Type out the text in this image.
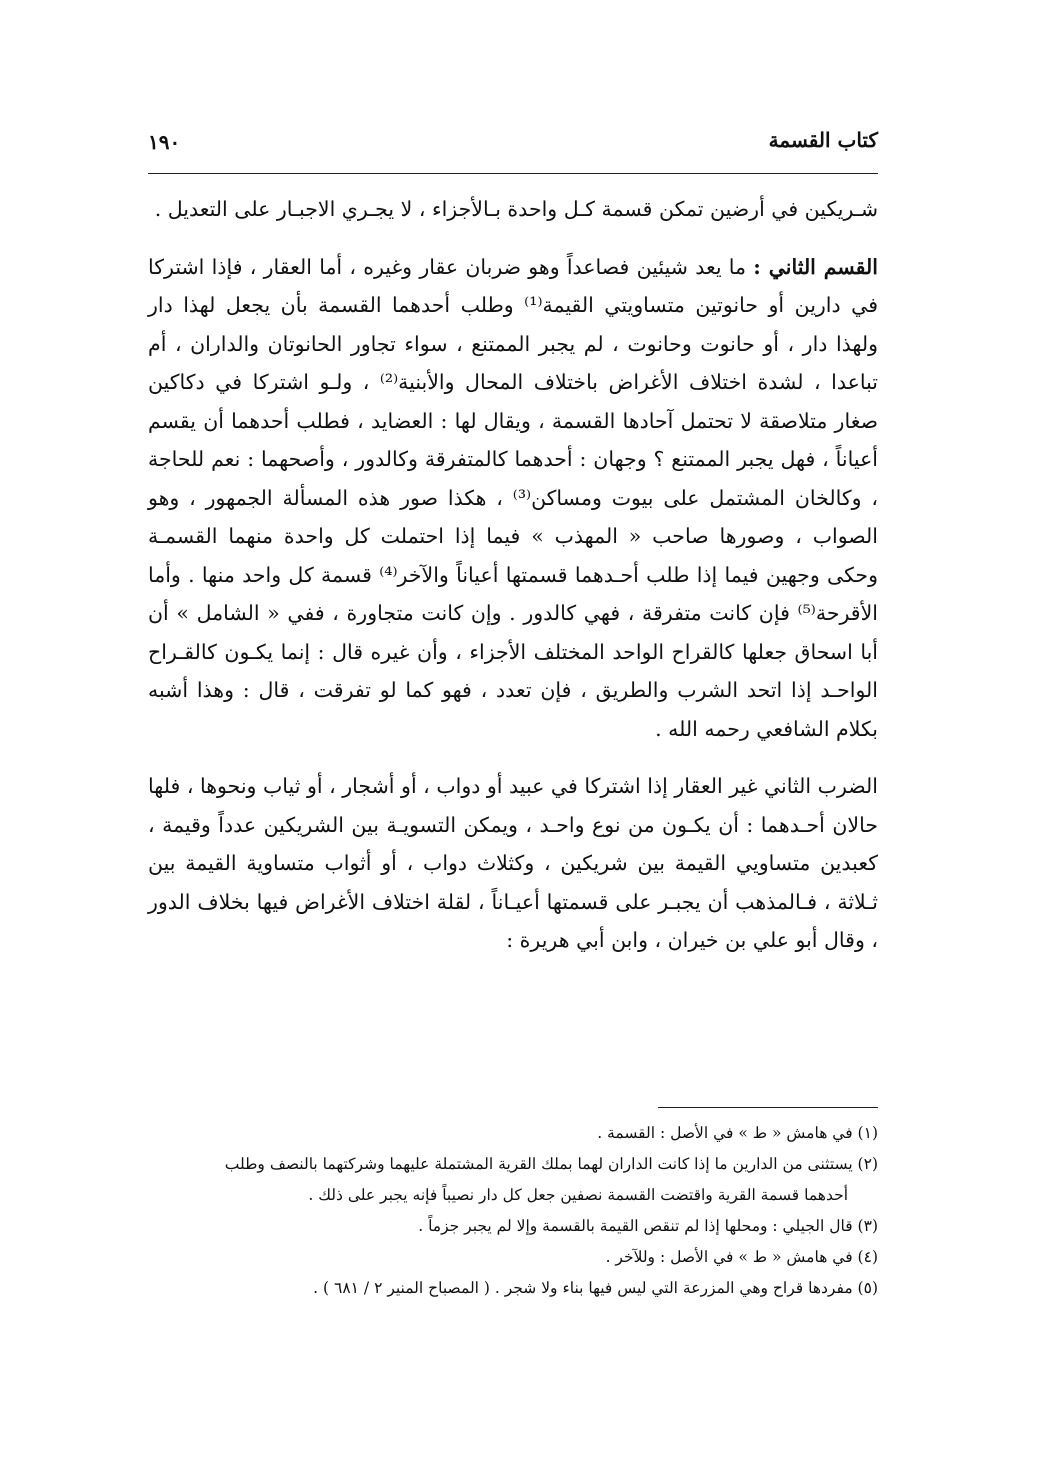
كتاب القسمة
١٩٠

شـريكين في أرضين تمكن قسمة كـل واحدة بـالأجزاء ، لا يجـري الاجبـار على التعديل .

القسم الثاني : ما يعد شيئين فصاعداً وهو ضربان عقار وغيره ، أما العقار ، فإذا اشتركا في دارين أو حانوتين متساويتي القيمة⁽¹⁾ وطلب أحدهما القسمة بأن يجعل لهذا دار ولهذا دار ، أو حانوت وحانوت ، لم يجبر الممتنع ، سواء تجاور الحانوتان والداران ، أم تباعدا ، لشدة اختلاف الأغراض باختلاف المحال والأبنية⁽²⁾ ، ولـو اشتركا في دكاكين صغار متلاصقة لا تحتمل آحادها القسمة ، ويقال لها : العضايد ، فطلب أحدهما أن يقسم أعياناً ، فهل يجبر الممتنع ؟ وجهان : أحدهما كالمتفرقة وكالدور ، وأصحهما : نعم للحاجة ، وكالخان المشتمل على بيوت ومساكن⁽³⁾ ، هكذا صور هذه المسألة الجمهور ، وهو الصواب ، وصورها صاحب « المهذب » فيما إذا احتملت كل واحدة منهما القسمـة وحكى وجهين فيما إذا طلب أحـدهما قسمتها أعياناً والآخر⁽⁴⁾ قسمة كل واحد منها . وأما الأقرحة⁽⁵⁾ فإن كانت متفرقة ، فهي كالدور . وإن كانت متجاورة ، ففي « الشامل » أن أبا اسحاق جعلها كالقراح الواحد المختلف الأجزاء ، وأن غيره قال : إنما يكـون كالقـراح الواحـد إذا اتحد الشرب والطريق ، فإن تعدد ، فهو كما لو تفرقت ، قال : وهذا أشبه بكلام الشافعي رحمه الله .

الضرب الثاني غير العقار إذا اشتركا في عبيد أو دواب ، أو أشجار ، أو ثياب ونحوها ، فلها حالان أحـدهما : أن يكـون من نوع واحـد ، ويمكن التسويـة بين الشريكين عدداً وقيمة ، كعبدين متساويي القيمة بين شريكين ، وكثلاث دواب ، أو أثواب متساوية القيمة بين ثـلاثة ، فـالمذهب أن يجبـر على قسمتها أعيـاناً ، لقلة اختلاف الأغراض فيها بخلاف الدور ، وقال أبو علي بن خيران ، وابن أبي هريرة :

(١) في هامش « ط » في الأصل : القسمة .

(٢) يستثنى من الدارين ما إذا كانت الداران لهما بملك القرية المشتملة عليهما وشركتهما بالنصف وطلب

أحدهما قسمة القرية واقتضت القسمة نصفين جعل كل دار نصيباً فإنه يجبر على ذلك .

(٣) قال الجيلي : ومحلها إذا لم تنقص القيمة بالقسمة وإلا لم يجبر جزماً .

(٤) في هامش « ط » في الأصل : وللآخر .

(٥) مفردها قراح وهي المزرعة التي ليس فيها بناء ولا شجر . ( المصباح المنير ٢ / ٦٨١ ) .
